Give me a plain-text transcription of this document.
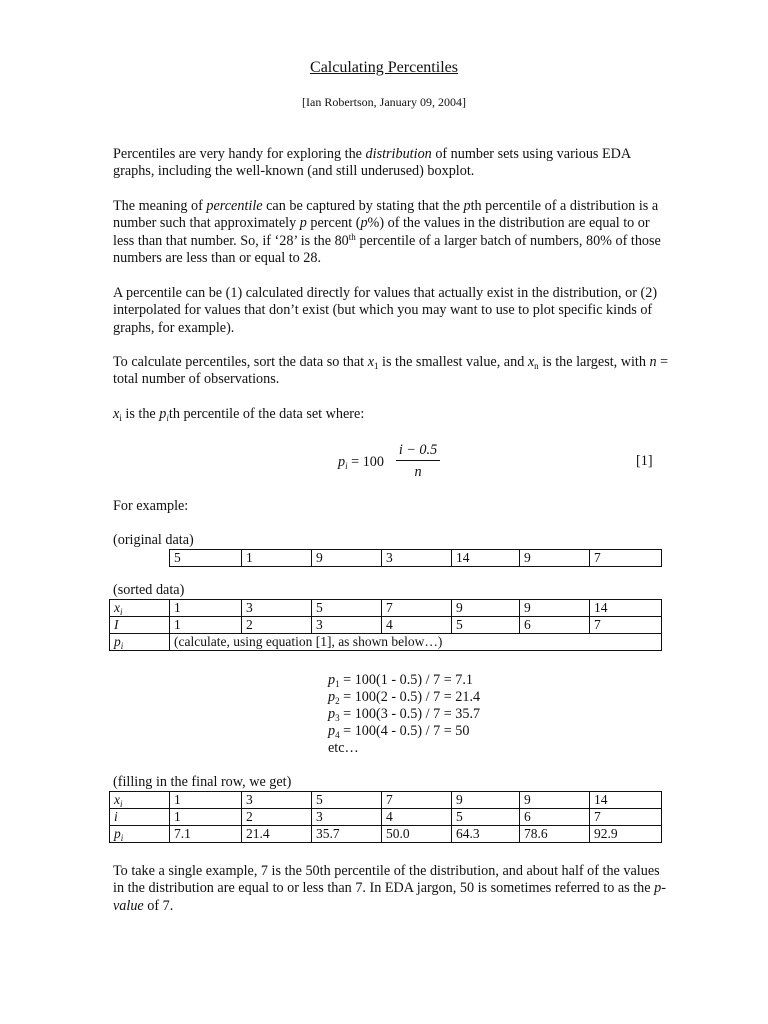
Calculating Percentiles
[Ian Robertson, January 09, 2004]

Percentiles are very handy for exploring the distribution of number sets using various EDA graphs, including the well-known (and still underused) boxplot.

The meaning of percentile can be captured by stating that the pth percentile of a distribution is a number such that approximately p percent (p%) of the values in the distribution are equal to or less than that number. So, if ‘28’ is the 80th percentile of a larger batch of numbers, 80% of those numbers are less than or equal to 28.

A percentile can be (1) calculated directly for values that actually exist in the distribution, or (2) interpolated for values that don’t exist (but which you may want to use to plot specific kinds of graphs, for example).

To calculate percentiles, sort the data so that $x_1$ is the smallest value, and $x_n$ is the largest, with n = total number of observations.

$x_i$ is the $p_ith$ percentile of the data set where:

$p_i = 100 \frac{i - 0.5}{n}$	[1]
For example:
(original data)
5	1	9	3	14	9	7
(sorted data)
$x_i$	1	3	5	7	9	9	14
I	1	2	3	4	5	6	7
$p_i$	(calculate, using equation [1], as shown below…)						
$p_1 = 100(1 - 0.5) / 7 = 7.1$
$p_2 = 100(2 - 0.5) / 7 = 21.4$
$p_3 = 100(3 - 0.5) / 7 = 35.7$
$p_4 = 100(4 - 0.5) / 7 = 50$
etc…
(filling in the final row, we get)
$x_i$	1	3	5	7	9	9	14
i	1	2	3	4	5	6	7
$p_i$	7.1	21.4	35.7	50.0	64.3	78.6	92.9

To take a single example, 7 is the 50th percentile of the distribution, and about half of the values in the distribution are equal to or less than 7. In EDA jargon, 50 is sometimes referred to as the p-value of 7.
